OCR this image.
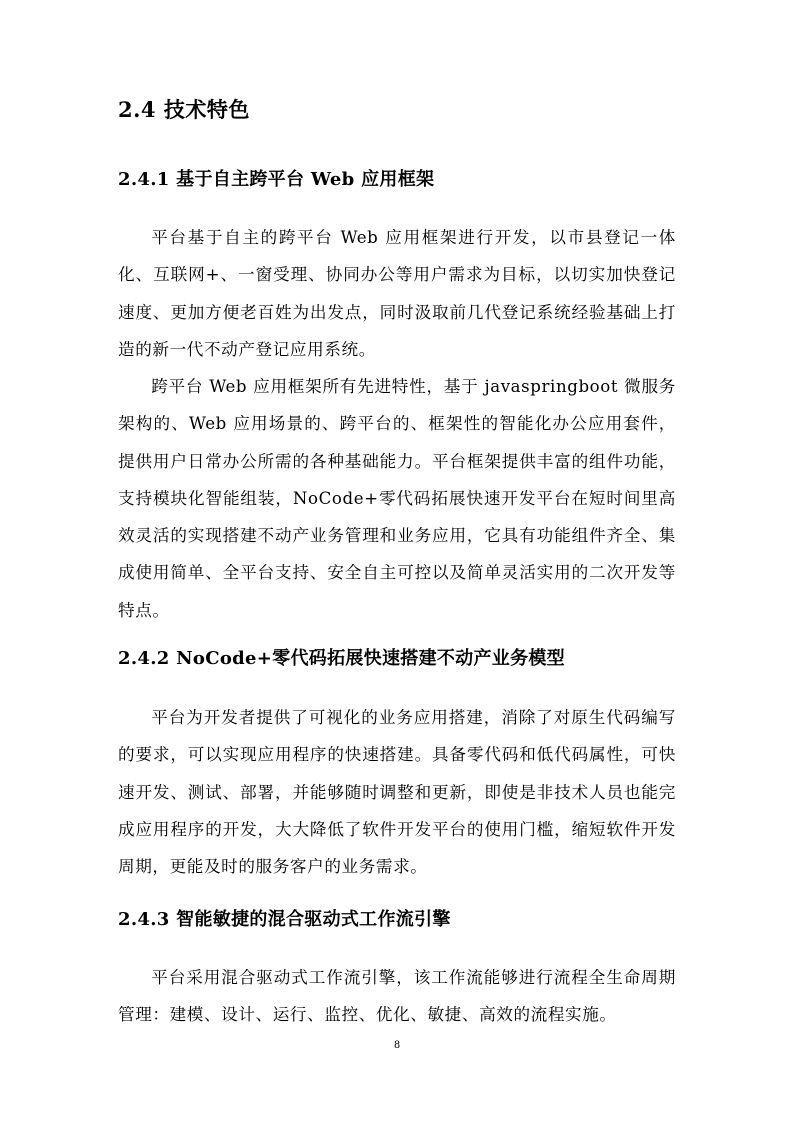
2.4 技术特色
2.4.1 基于自主跨平台 Web 应用框架

平台基于自主的跨平台 Web 应用框架进行开发，以市县登记一体化、互联网+、一窗受理、协同办公等用户需求为目标，以切实加快登记速度、更加方便老百姓为出发点，同时汲取前几代登记系统经验基础上打造的新一代不动产登记应用系统。

跨平台 Web 应用框架所有先进特性，基于 javaspringboot 微服务架构的、Web 应用场景的、跨平台的、框架性的智能化办公应用套件，提供用户日常办公所需的各种基础能力。平台框架提供丰富的组件功能，支持模块化智能组装，NoCode+零代码拓展快速开发平台在短时间里高效灵活的实现搭建不动产业务管理和业务应用，它具有功能组件齐全、集成使用简单、全平台支持、安全自主可控以及简单灵活实用的二次开发等特点。

2.4.2 NoCode+零代码拓展快速搭建不动产业务模型

平台为开发者提供了可视化的业务应用搭建，消除了对原生代码编写的要求，可以实现应用程序的快速搭建。具备零代码和低代码属性，可快速开发、测试、部署，并能够随时调整和更新，即使是非技术人员也能完成应用程序的开发，大大降低了软件开发平台的使用门槛，缩短软件开发周期，更能及时的服务客户的业务需求。

2.4.3 智能敏捷的混合驱动式工作流引擎

平台采用混合驱动式工作流引擎，该工作流能够进行流程全生命周期管理：建模、设计、运行、监控、优化、敏捷、高效的流程实施。

8
